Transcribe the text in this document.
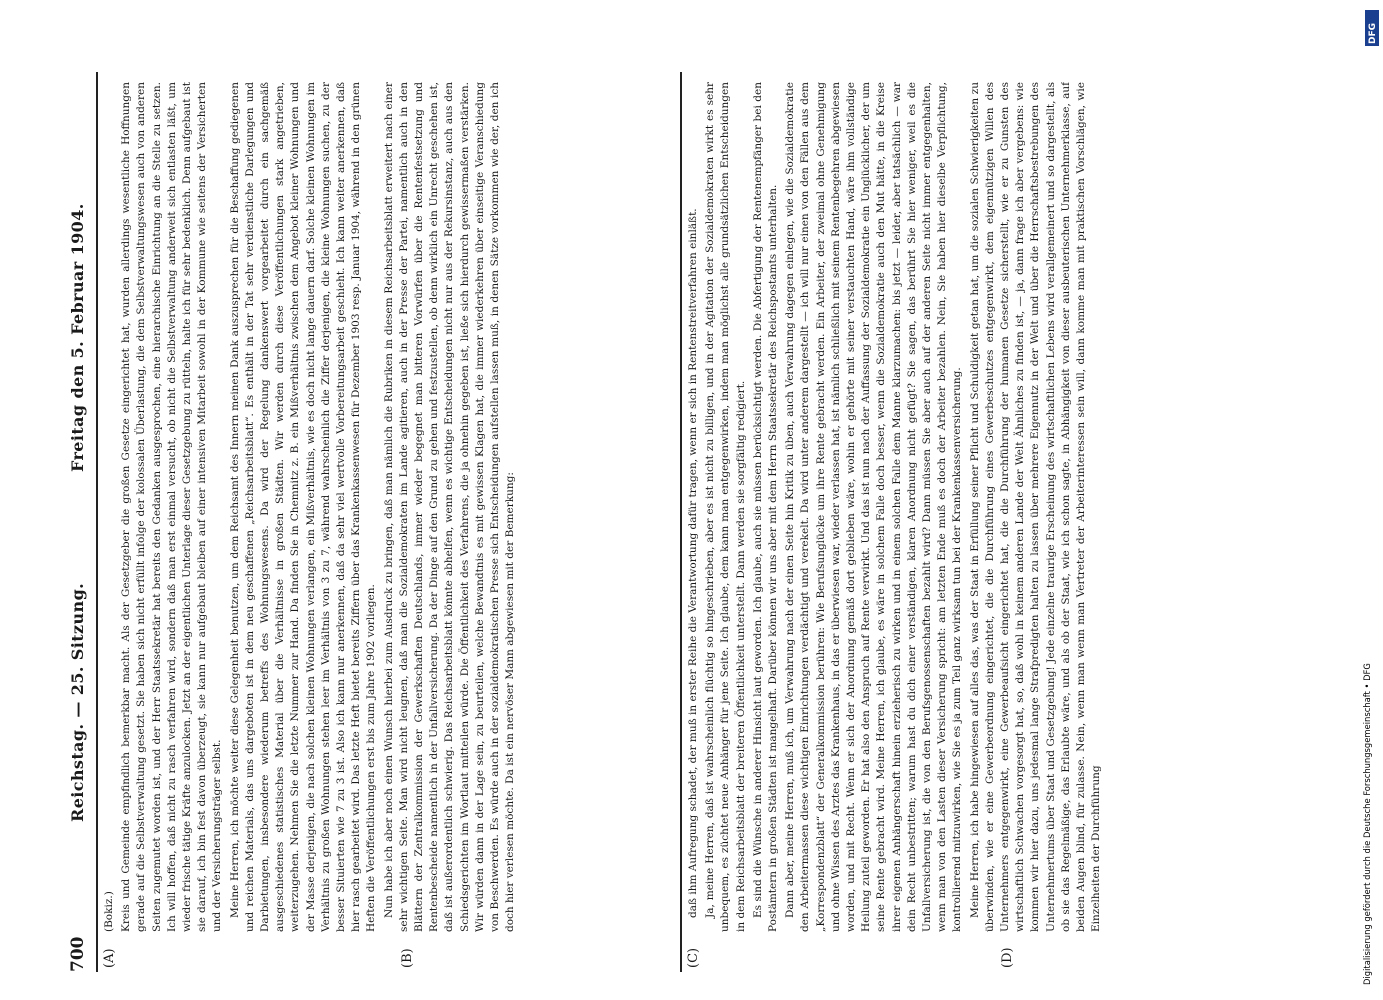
700
Reichstag. — 25. Sitzung.
Freitag den 5. Februar 1904.
(A)	(B)	(C)	(D)

(Bokiz.) Kreis und Gemeinde empfindlich bemerkbar macht. Als der Gesetzgeber die großen Gesetze eingerichtet hat, wurden allerdings wesentliche Hoffnungen gerade auf die Selbstverwaltung gesetzt. Sie haben sich nicht erfüllt infolge der kolossalen Überlastung, die dem Selbstverwaltungswesen auch von anderen Seiten zugemutet worden ist, und der Herr Staatssekretär hat bereits den Gedanken ausgesprochen, eine hierarchische Einrichtung an die Stelle zu setzen. Ich will hoffen, daß nicht zu rasch verfahren wird, sondern daß man erst einmal versucht, ob nicht die Selbstverwaltung anderweit sich entlasten läßt, um wieder frische tätige Kräfte anzulocken. Jetzt an der eigentlichen Unterlage dieser Gesetzgebung zu rütteln, halte ich für sehr bedenklich. Denn aufgebaut ist sie darauf, ich bin fest davon überzeugt, sie kann nur aufgebaut bleiben auf einer intensiven Mitarbeit sowohl in der Kommune wie seitens der Versicherten und der Versicherungsträger selbst. Meine Herren, ich möchte weiter diese Gelegenheit benutzen, um dem Reichsamt des Innern meinen Dank auszusprechen für die Beschaffung gediegenen und reichen Materials, das uns dargeboten ist in dem neu geschaffenen „Reichsarbeitsblatt“. Es enthält in der Tat sehr verdienstliche Darlegungen und Darbietungen, insbesondere wiederum betreffs des Wohnungswesens. Da wird der Regelung dankenswert vorgearbeitet durch ein sachgemäß ausgeschiedenes statistisches Material über die Verhältnisse in großen Städten. Wir werden durch diese Veröffentlichungen stark angetrieben, weiterzugehen. Nehmen Sie die letzte Nummer zur Hand. Da finden Sie in Chemnitz z. B. ein Mißverhältnis zwischen dem Angebot kleiner Wohnungen und der Masse derjenigen, die nach solchen kleinen Wohnungen verlangen, ein Mißverhältnis, wie es doch nicht lange dauern darf. Solche kleinen Wohnungen im Verhältnis zu großen Wohnungen stehen leer im Verhältnis von 3 zu 7, während wahrscheinlich die Ziffer derjenigen, die kleine Wohnungen suchen, zu der besser Situierten wie 7 zu 3 ist. Also ich kann nur anerkennen, daß da sehr viel wertvolle Vorbereitungsarbeit geschieht. Ich kann weiter anerkennen, daß hier rasch gearbeitet wird. Das letzte Heft bietet bereits Ziffern über das Krankenkassenwesen für Dezember 1903 resp. Januar 1904, während in den grünen Heften die Veröffentlichungen erst bis zum Jahre 1902 vorliegen. Nun habe ich aber noch einen Wunsch hierbei zum Ausdruck zu bringen, daß man nämlich die Rubriken in diesem Reichsarbeitsblatt erweitert nach einer sehr wichtigen Seite. Man wird nicht leugnen, daß man die Sozialdemokraten im Lande agitieren, auch in der Presse der Partei, namentlich auch in den Blättern der Zentralkommission der Gewerkschaften Deutschlands, immer wieder begegnet man bitteren Vorwürfen über die Rentenfestsetzung und Rentenbescheide namentlich in der Unfallversicherung. Da der Dinge auf den Grund zu gehen und festzustellen, ob denn wirklich ein Unrecht geschehen ist, daß ist außerordentlich schwierig. Das Reichsarbeitsblatt könnte abhelfen, wenn es wichtige Entscheidungen nicht nur aus der Rekursinstanz, auch aus den Schiedsgerichten im Wortlaut mitteilen würde. Die Öffentlichkeit des Verfahrens, die ja ohnehin gegeben ist, ließe sich hierdurch gewissermaßen verstärken. Wir würden dann in der Lage sein, zu beurteilen, welche Bewandtnis es mit gewissen Klagen hat, die immer wiederkehren über einseitige Veranschiedung von Beschwerden. Es würde auch in der sozialdemokratischen Presse sich Entscheidungen aufstellen lassen muß, in denen Sätze vorkommen wie der, den ich doch hier verlesen möchte. Da ist ein nervöser Mann abgewiesen mit der Bemerkung:	daß ihm Aufregung schadet, der muß in erster Reihe die Verantwortung dafür tragen, wenn er sich in Rentenstreitverfahren einläßt. Ja, meine Herren, daß ist wahrscheinlich flüchtig so hingeschrieben, aber es ist nicht zu billigen, und in der Agitation der Sozialdemokraten wirkt es sehr unbequem, es züchtet neue Anhänger für jene Seite. Ich glaube, dem kann man entgegenwirken, indem man möglichst alle grundsätzlichen Entscheidungen in dem Reichsarbeitsblatt der breiteren Öffentlichkeit unterstellt. Dann werden sie sorgfältig redigiert. Es sind die Wünsche in anderer Hinsicht laut geworden. Ich glaube, auch sie müssen berücksichtigt werden. Die Abfertigung der Rentenempfänger bei den Postämtern in großen Städten ist mangelhaft. Darüber können wir uns aber mit dem Herrn Staatssekretär des Reichspostamts unterhalten. Dann aber, meine Herren, muß ich, um Verwahrung nach der einen Seite hin Kritik zu üben, auch Verwahrung dagegen einlegen, wie die Sozialdemokratie den Arbeitermassen diese wichtigen Einrichtungen verdächtigt und verekelt. Da wird unter anderem dargestellt — ich will nur einen von den Fällen aus dem „Korrespondenzblatt“ der Generalkommission berühren: Wie Berufsunglücke um ihre Rente gebracht werden. Ein Arbeiter, der zweimal ohne Genehmigung und ohne Wissen des Arztes das Krankenhaus, in das er überwiesen war, wieder verlassen hat, ist nämlich schließlich mit seinem Rentenbegehren abgewiesen worden, und mit Recht. Wenn er sich der Anordnung gemäß dort geblieben wäre, wohin er gehörte mit seiner verstauchten Hand, wäre ihm vollständige Heilung zuteil geworden. Er hat also den Anspruch auf Rente verwirkt. Und das ist nun nach der Auffassung der Sozialdemokratie ein Unglücklicher, der um seine Rente gebracht wird. Meine Herren, ich glaube, es wäre in solchem Falle doch besser, wenn die Sozialdemokratie auch den Mut hätte, in die Kreise ihrer eigenen Anhängerschaft hinein erzieherisch zu wirken und in einem solchen Falle dem Manne klarzumachen: bis jetzt — leider, aber tatsächlich — war dein Recht unbestritten; warum hast du dich einer verständigen, klaren Anordnung nicht gefügt? Sie sagen, das berührt Sie hier weniger, weil es die Unfallversicherung ist, die von den Berufsgenossenschaften bezahlt wird? Dann müssen Sie aber auch auf der anderen Seite nicht immer entgegenhalten, wenn man von den Lasten dieser Versicherung spricht: am letzten Ende muß es doch der Arbeiter bezahlen. Nein, Sie haben hier dieselbe Verpflichtung, kontrollierend mitzuwirken, wie Sie es ja zum Teil ganz wirksam tun bei der Krankenkassenversicherung. Meine Herren, ich habe hingewiesen auf alles das, was der Staat in Erfüllung seiner Pflicht und Schuldigkeit getan hat, um die sozialen Schwierigkeiten zu überwinden, wie er eine Gewerbeordnung eingerichtet, die die Durchführung eines Gewerbeschutzes entgegenwirkt, dem eigennützigen Willen des Unternehmers entgegenwirkt, eine Gewerbeaufsicht eingerichtet hat, die die Durchführung der humanen Gesetze sicherstellt, wie er zu Gunsten des wirtschaftlich Schwachen vorgesorgt hat, so, daß wohl in keinem anderen Lande der Welt Ähnliches zu finden ist, — ja, dann frage ich aber vergebens: wie kommen wir hier dazu, uns jedesmal lange Strafpredigten halten zu lassen über mehrere Eigennutz in der Welt und über die Herrschaftsbestrebungen des Unternehmertums über Staat und Gesetzgebung! Jede einzelne traurige Erscheinung des wirtschaftlichen Lebens wird verallgemeinert und so dargestellt, als ob sie das Regelmäßige, das Erlaubte wäre, und als ob der Staat, wie ich schon sagte, in Abhängigkeit von dieser ausbeuterischen Unternehmerklasse, auf beiden Augen blind, für zulasse. Nein, wenn man wenn man Vertreter der Arbeiterinteressen sein will, dann komme man mit praktischen Vorschlägen, wie Einzelheiten der Durchführung

DFG
Digitalisierung gefördert durch die Deutsche Forschungsgemeinschaft • DFG
